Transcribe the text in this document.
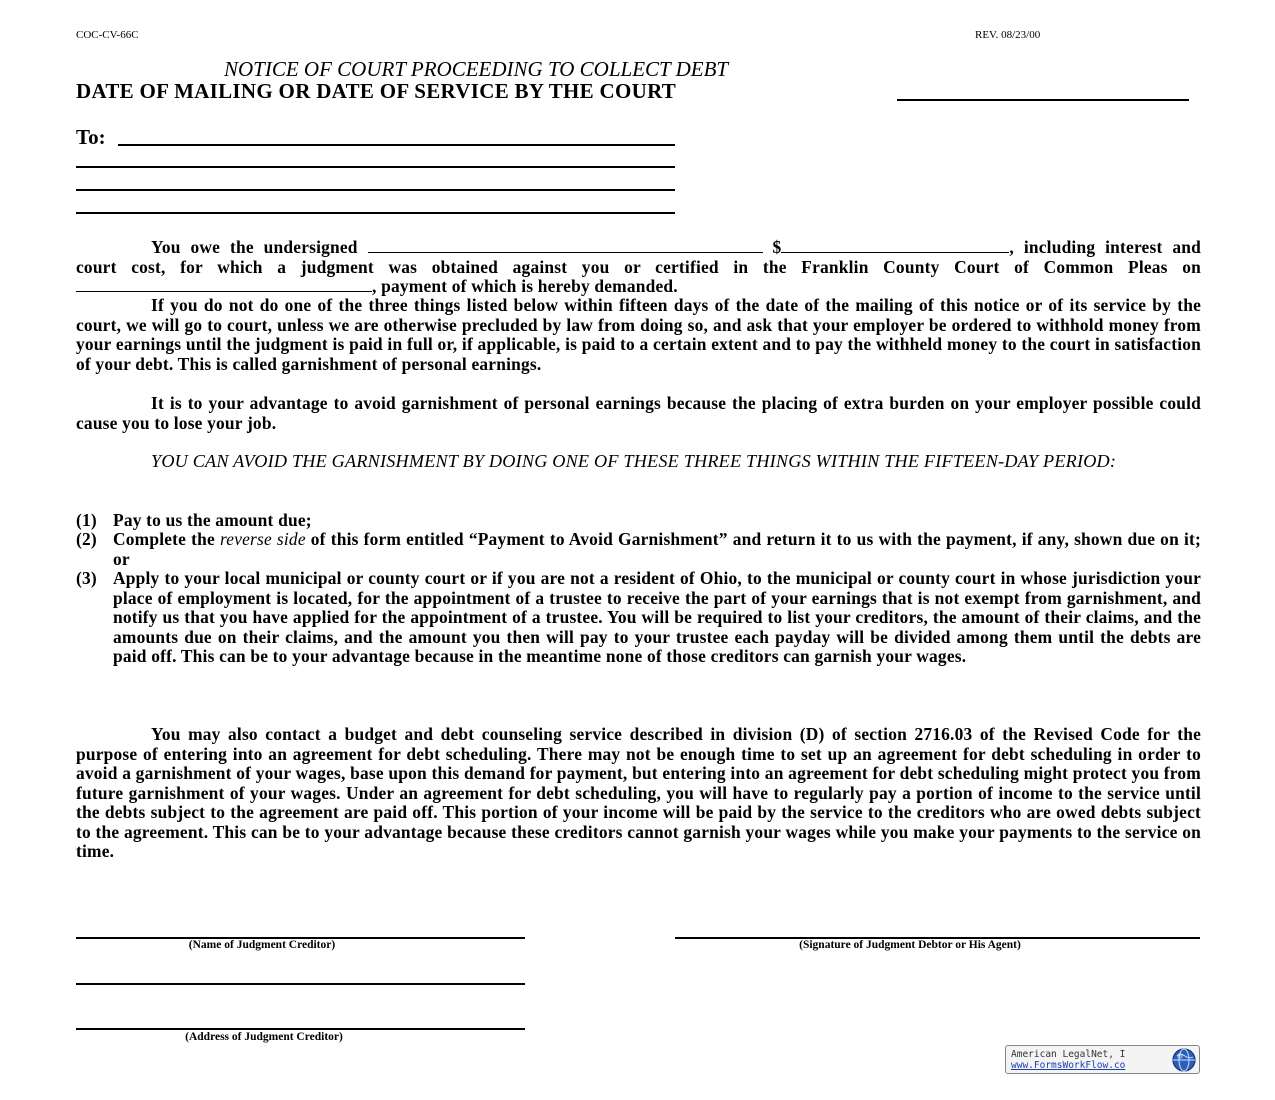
COC-CV-66C	REV. 08/23/00
NOTICE OF COURT PROCEEDING TO COLLECT DEBT
DATE OF MAILING OR DATE OF SERVICE BY THE COURT
To:
You owe the undersigned	$	, including interest and court cost, for which a judgment was obtained against you or certified in the Franklin County Court of Common Pleas on , payment of which is hereby demanded.
If you do not do one of the three things listed below within fifteen days of the date of the mailing of this notice or of its service by the court, we will go to court, unless we are otherwise precluded by law from doing so, and ask that your employer be ordered to withhold money from your earnings until the judgment is paid in full or, if applicable, is paid to a certain extent and to pay the withheld money to the court in satisfaction of your debt. This is called garnishment of personal earnings.
It is to your advantage to avoid garnishment of personal earnings because the placing of extra burden on your employer possible could cause you to lose your job.
YOU CAN AVOID THE GARNISHMENT BY DOING ONE OF THESE THREE THINGS WITHIN THE FIFTEEN-DAY PERIOD:
(1) Pay to us the amount due;
(2) Complete the reverse side of this form entitled “Payment to Avoid Garnishment” and return it to us with the payment, if any, shown due on it; or
(3) Apply to your local municipal or county court or if you are not a resident of Ohio, to the municipal or county court in whose jurisdiction your place of employment is located, for the appointment of a trustee to receive the part of your earnings that is not exempt from garnishment, and notify us that you have applied for the appointment of a trustee. You will be required to list your creditors, the amount of their claims, and the amounts due on their claims, and the amount you then will pay to your trustee each payday will be divided among them until the debts are paid off. This can be to your advantage because in the meantime none of those creditors can garnish your wages.
You may also contact a budget and debt counseling service described in division (D) of section 2716.03 of the Revised Code for the purpose of entering into an agreement for debt scheduling. There may not be enough time to set up an agreement for debt scheduling in order to avoid a garnishment of your wages, base upon this demand for payment, but entering into an agreement for debt scheduling might protect you from future garnishment of your wages. Under an agreement for debt scheduling, you will have to regularly pay a portion of income to the service until the debts subject to the agreement are paid off. This portion of your income will be paid by the service to the creditors who are owed debts subject to the agreement. This can be to your advantage because these creditors cannot garnish your wages while you make your payments to the service on time.
(Name of Judgment Creditor)	(Signature of Judgment Debtor or His Agent)
(Address of Judgment Creditor)
American LegalNet, I
www.FormsWorkFlow.co
